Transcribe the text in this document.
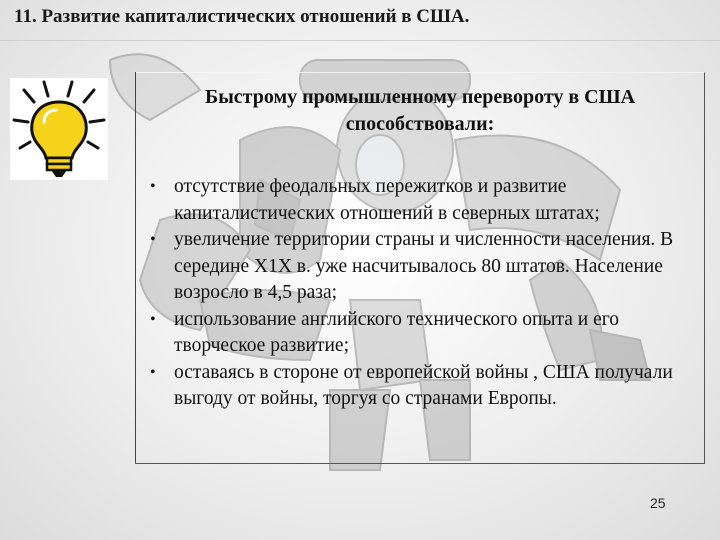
11. Развитие капиталистических отношений в США.
Быстрому промышленному перевороту в США
способствовали:
• отсутствие феодальных пережитков и развитие капиталистических отношений в северных штатах;
• увеличение территории страны и численности населения. В середине Х1Х в. уже насчитывалось 80 штатов. Население возросло в 4,5 раза;
• использование английского технического опыта и его творческое развитие;
• оставаясь в стороне от европейской войны , США получали выгоду от войны, торгуя со странами Европы.
25
